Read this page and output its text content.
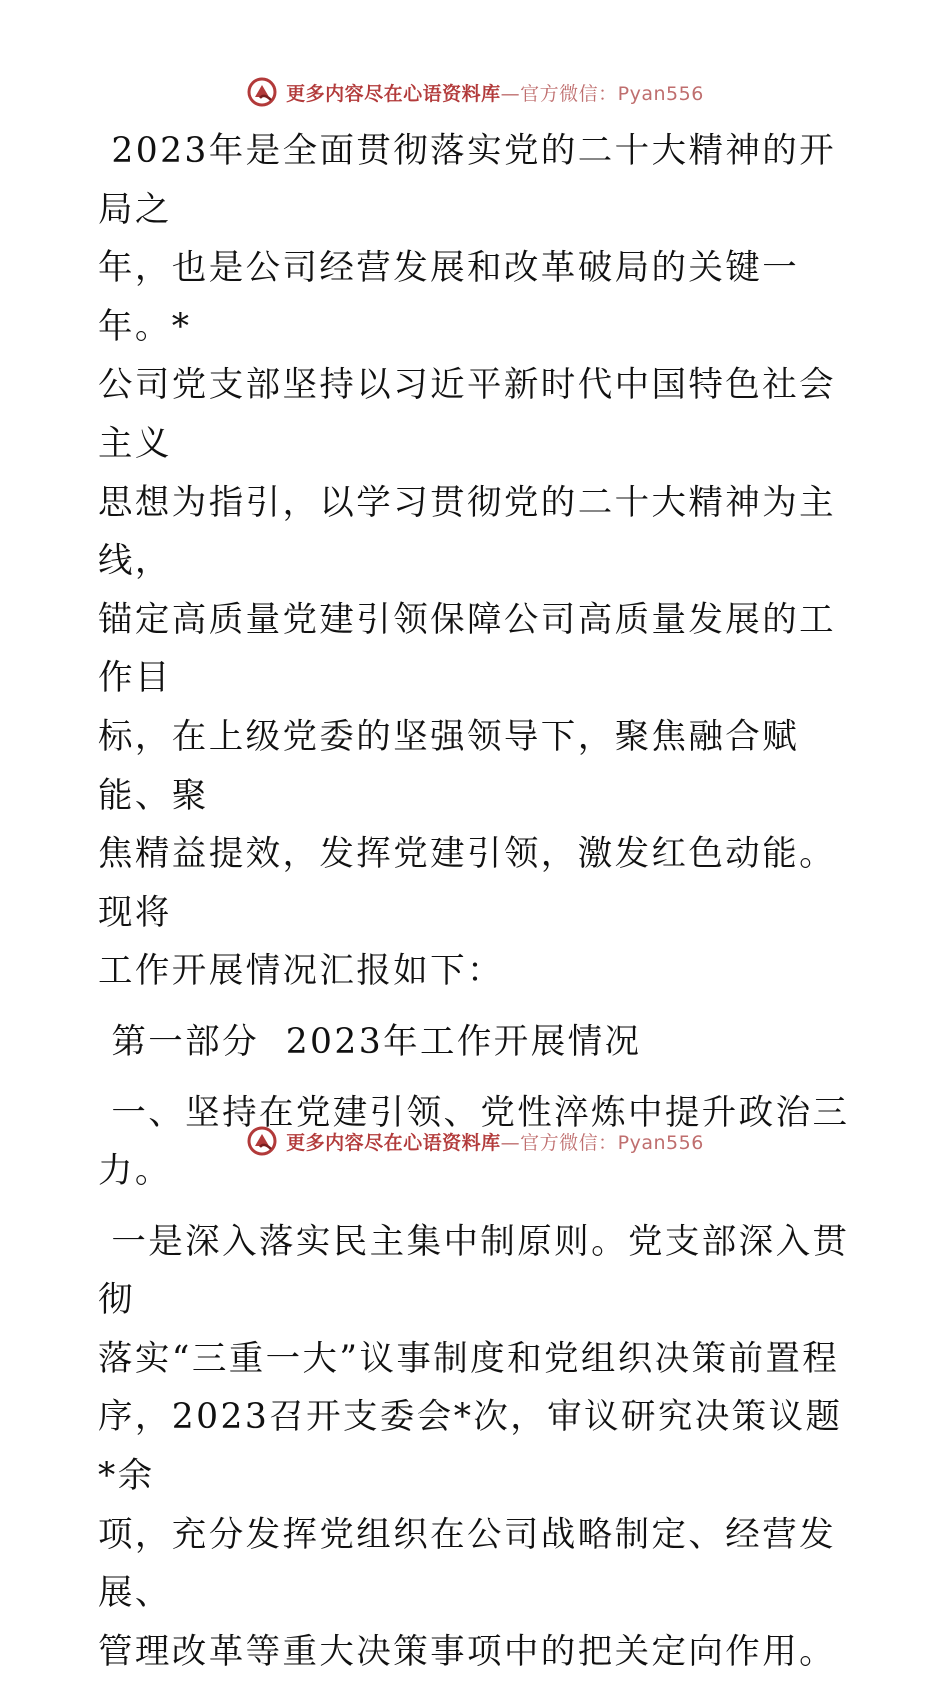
更多内容尽在心语资料库—官方微信：Pyan556

2023年是全面贯彻落实党的二十大精神的开局之

年，也是公司经营发展和改革破局的关键一年。*

公司党支部坚持以习近平新时代中国特色社会主义

思想为指引，以学习贯彻党的二十大精神为主线，

锚定高质量党建引领保障公司高质量发展的工作目

标，在上级党委的坚强领导下，聚焦融合赋能、聚

焦精益提效，发挥党建引领，激发红色动能。现将

工作开展情况汇报如下：

第一部分  2023年工作开展情况

一、坚持在党建引领、党性淬炼中提升政治三

力。

一是深入落实民主集中制原则。党支部深入贯彻

落实“三重一大”议事制度和党组织决策前置程

序，2023召开支委会*次，审议研究决策议题*余

项，充分发挥党组织在公司战略制定、经营发展、

管理改革等重大决策事项中的把关定向作用。

更多内容尽在心语资料库—官方微信：Pyan556
